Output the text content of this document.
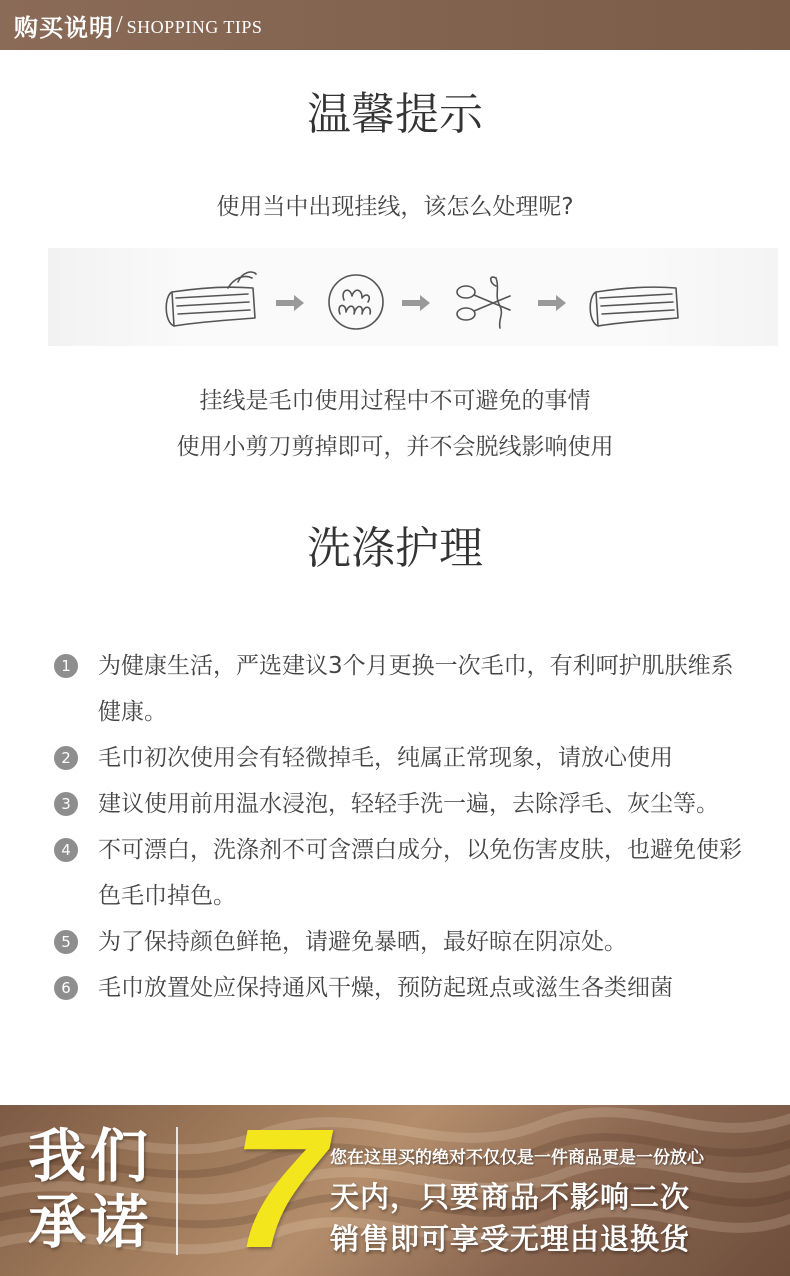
购买说明 / SHOPPING TIPS
温馨提示
使用当中出现挂线，该怎么处理呢?
挂线是毛巾使用过程中不可避免的事情
使用小剪刀剪掉即可，并不会脱线影响使用
洗涤护理
1	为健康生活，严选建议3个月更换一次毛巾，有利呵护肌肤维系健康。
2	毛巾初次使用会有轻微掉毛，纯属正常现象，请放心使用
3	建议使用前用温水浸泡，轻轻手洗一遍，去除浮毛、灰尘等。
4	不可漂白，洗涤剂不可含漂白成分，以免伤害皮肤，也避免使彩色毛巾掉色。
5	为了保持颜色鲜艳，请避免暴晒，最好晾在阴凉处。
6	毛巾放置处应保持通风干燥，预防起斑点或滋生各类细菌
我们承诺 7 您在这里买的绝对不仅仅是一件商品更是一份放心
天内，只要商品不影响二次
销售即可享受无理由退换货
